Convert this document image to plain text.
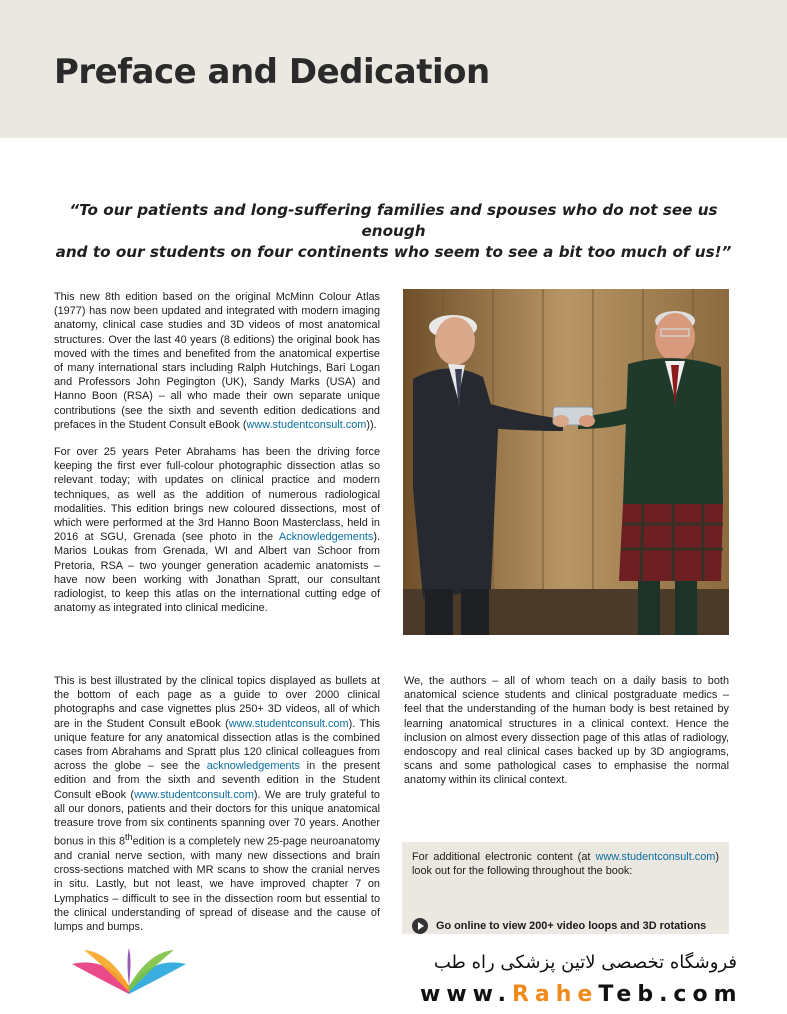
Preface and Dedication
“To our patients and long-suffering families and spouses who do not see us enough
and to our students on four continents who seem to see a bit too much of us!”

This new 8th edition based on the original McMinn Colour Atlas (1977) has now been updated and integrated with modern imaging anatomy, clinical case studies and 3D videos of most anatomical structures. Over the last 40 years (8 editions) the original book has moved with the times and benefited from the anatomical expertise of many international stars including Ralph Hutchings, Bari Logan and Professors John Pegington (UK), Sandy Marks (USA) and Hanno Boon (RSA) – all who made their own separate unique contributions (see the sixth and seventh edition dedications and prefaces in the Student Consult eBook (www.studentconsult.com)).

For over 25 years Peter Abrahams has been the driving force keeping the first ever full-colour photographic dissection atlas so relevant today; with updates on clinical practice and modern techniques, as well as the addition of numerous radiological modalities. This edition brings new coloured dissections, most of which were performed at the 3rd Hanno Boon Masterclass, held in 2016 at SGU, Grenada (see photo in the Acknowledgements). Marios Loukas from Grenada, WI and Albert van Schoor from Pretoria, RSA – two younger generation academic anatomists – have now been working with Jonathan Spratt, our consultant radiologist, to keep this atlas on the international cutting edge of anatomy as integrated into clinical medicine.

This is best illustrated by the clinical topics displayed as bullets at the bottom of each page as a guide to over 2000 clinical photographs and case vignettes plus 250+ 3D videos, all of which are in the Student Consult eBook (www.studentconsult.com). This unique feature for any anatomical dissection atlas is the combined cases from Abrahams and Spratt plus 120 clinical colleagues from across the globe – see the acknowledgements in the present edition and from the sixth and seventh edition in the Student Consult eBook (www.studentconsult.com). We are truly grateful to all our donors, patients and their doctors for this unique anatomical treasure trove from six continents spanning over 70 years. Another bonus in this 8thedition is a completely new 25-page neuroanatomy and cranial nerve section, with many new dissections and brain cross-sections matched with MR scans to show the cranial nerves in situ. Lastly, but not least, we have improved chapter 7 on Lymphatics – difficult to see in the dissection room but essential to the clinical understanding of spread of disease and the cause of lumps and bumps.

We, the authors – all of whom teach on a daily basis to both anatomical science students and clinical postgraduate medics – feel that the understanding of the human body is best retained by learning anatomical structures in a clinical context. Hence the inclusion on almost every dissection page of this atlas of radiology, endoscopy and real clinical cases backed up by 3D angiograms, scans and some pathological cases to emphasise the normal anatomy within its clinical context.

For additional electronic content (at www.studentconsult.com) look out for the following throughout the book:
Go online to view 200+ video loops and 3D rotations
فروشگاه تخصصی لاتین پزشکی راه طب
www.RaheTeb.com
